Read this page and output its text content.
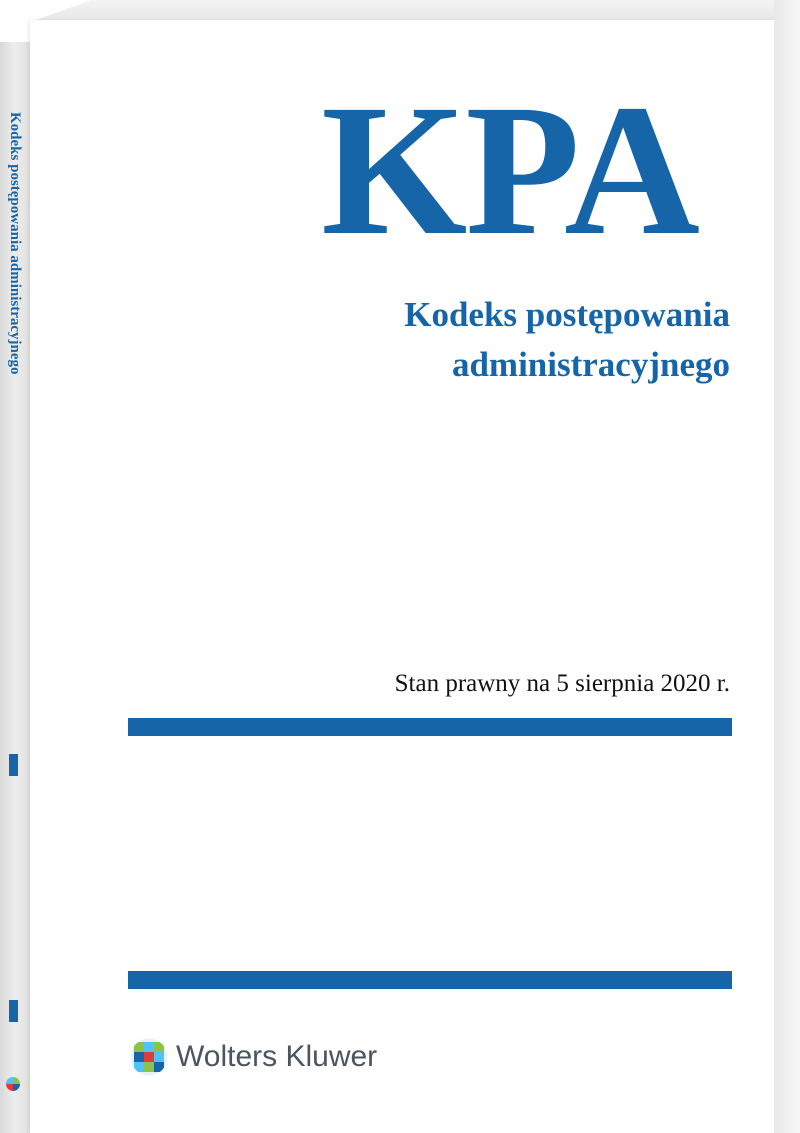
Kodeks postępowania administracyjnego KPA
Kodeks postępowania
administracyjnego
Stan prawny na 5 sierpnia 2020 r.
Wolters Kluwer
